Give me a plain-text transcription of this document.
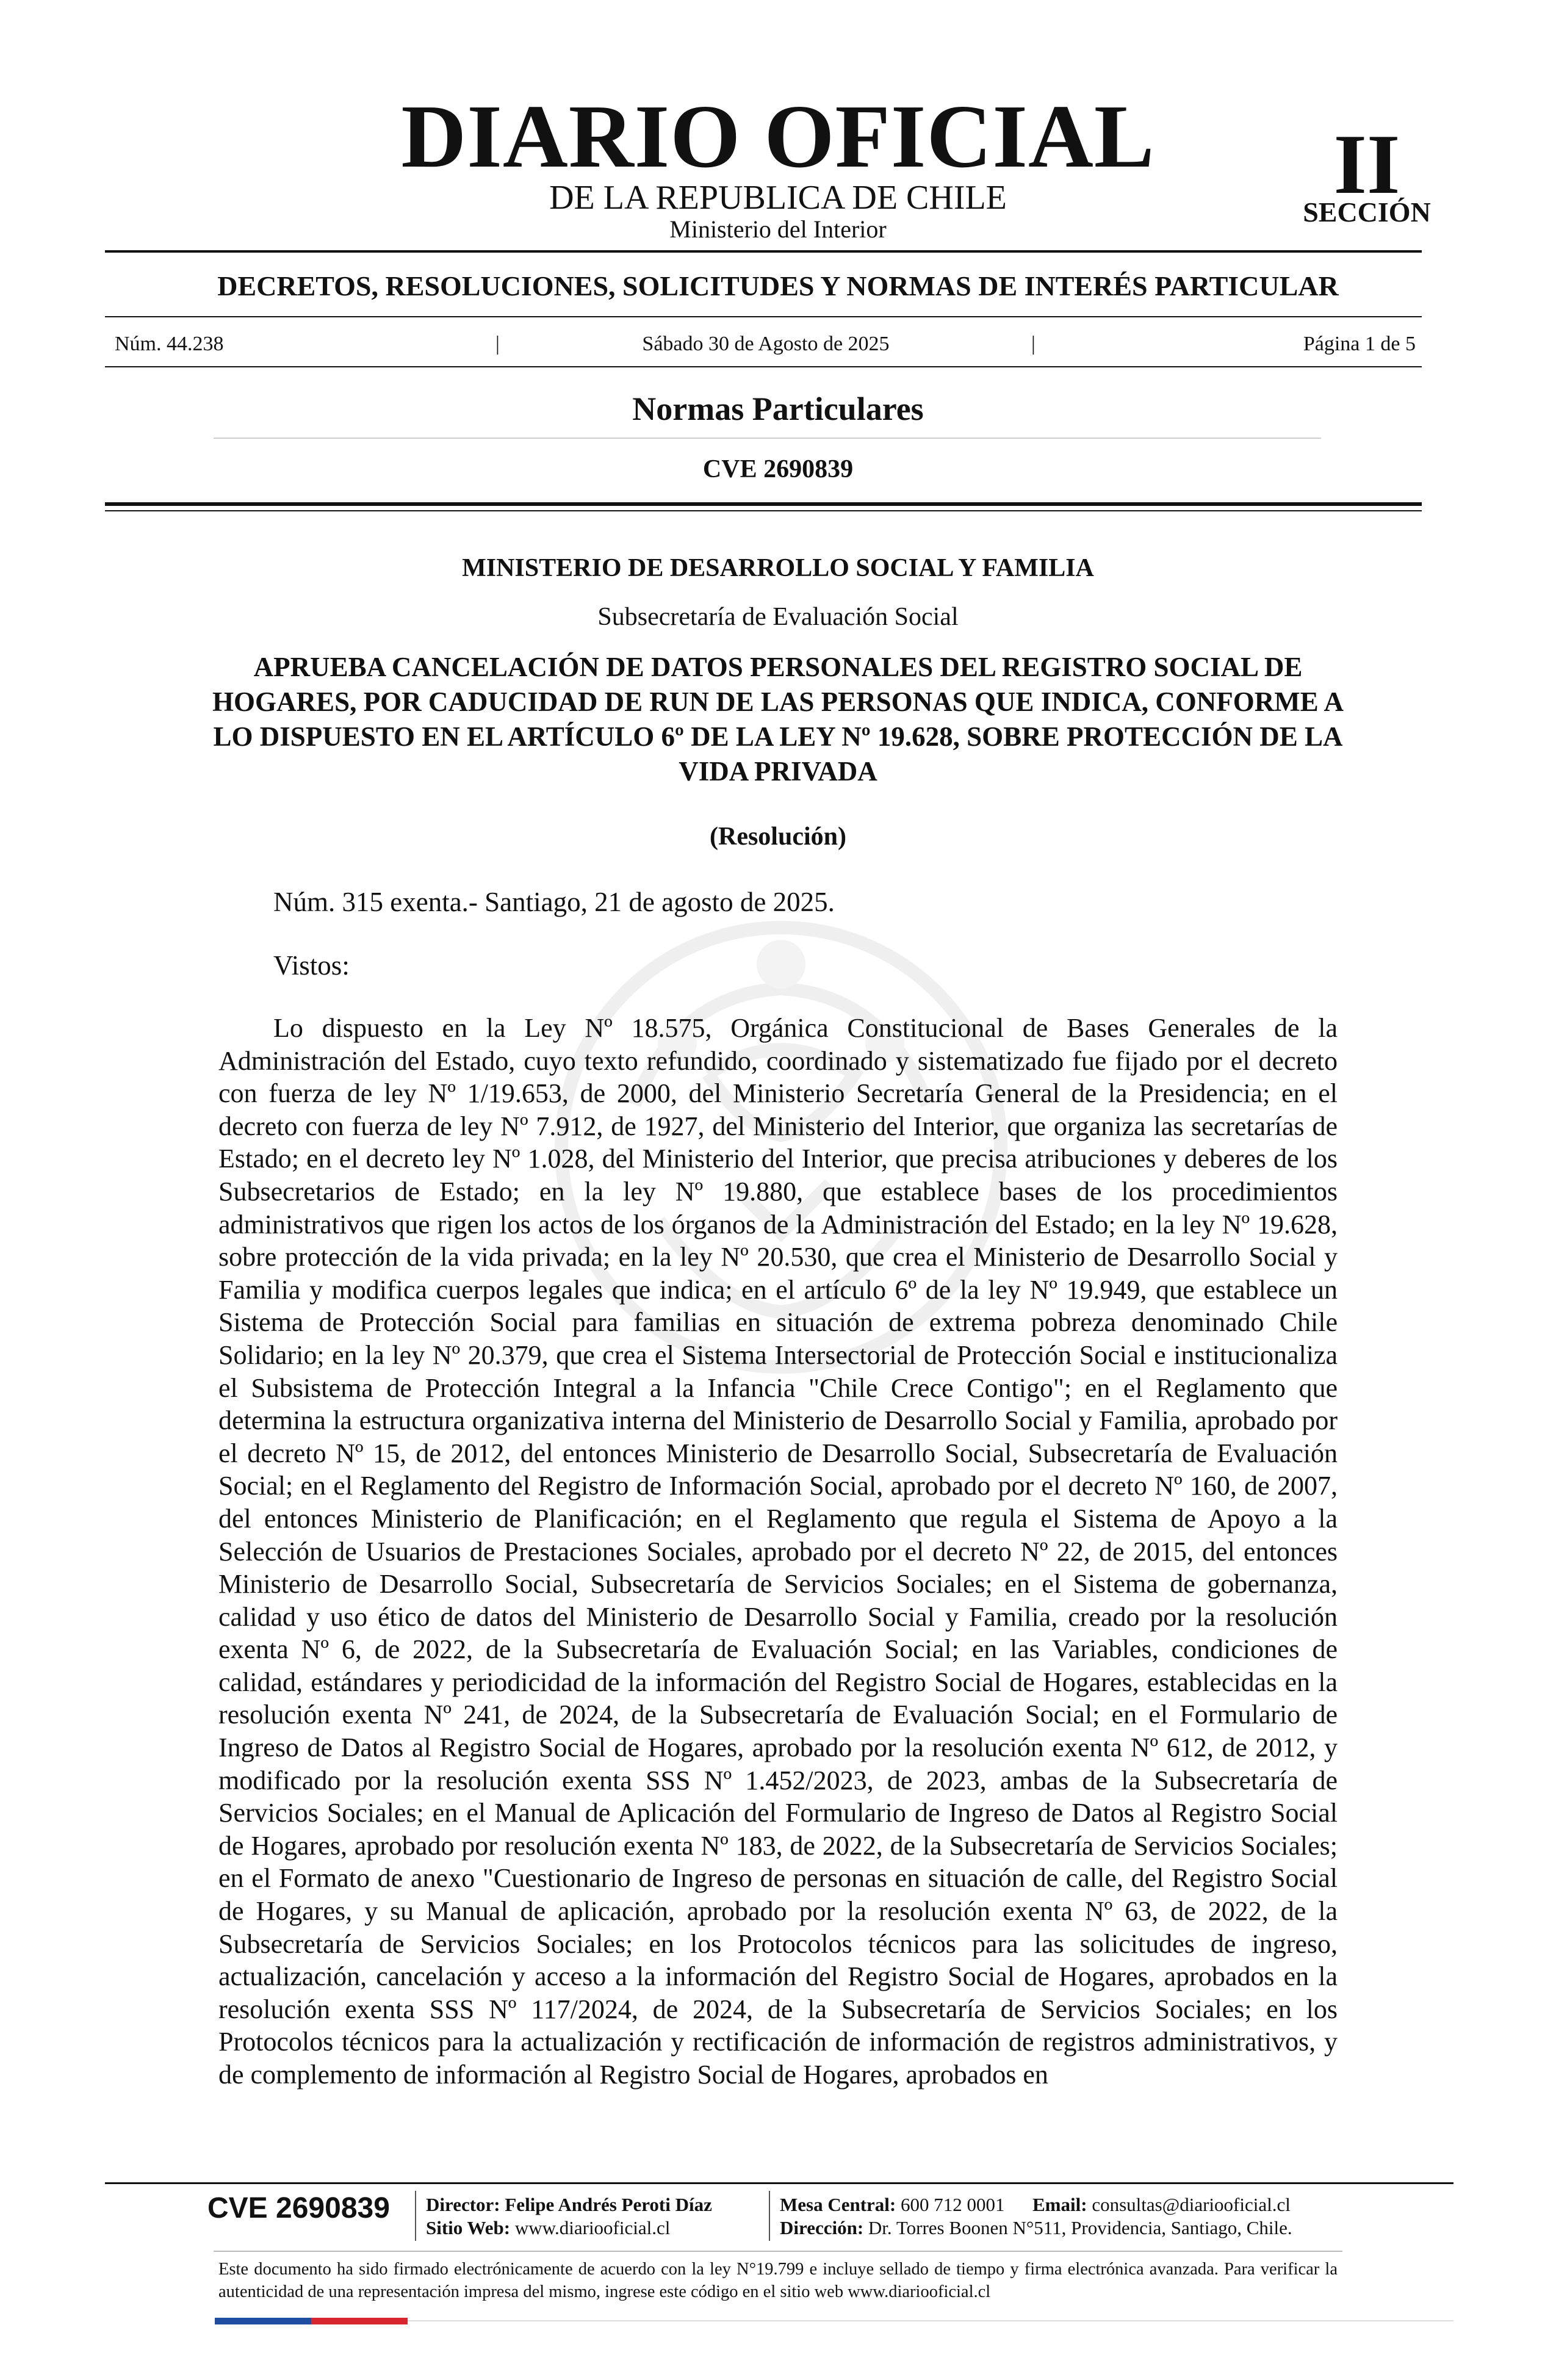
DIARIO OFICIAL
DE LA REPUBLICA DE CHILE
Ministerio del Interior
II
SECCIÓN
DECRETOS, RESOLUCIONES, SOLICITUDES Y NORMAS DE INTERÉS PARTICULAR
Núm. 44.238	|	Sábado 30 de Agosto de 2025	|	Página 1 de 5
Normas Particulares
CVE 2690839
MINISTERIO DE DESARROLLO SOCIAL Y FAMILIA
Subsecretaría de Evaluación Social
APRUEBA CANCELACIÓN DE DATOS PERSONALES DEL REGISTRO SOCIAL DE HOGARES, POR CADUCIDAD DE RUN DE LAS PERSONAS QUE INDICA, CONFORME A LO DISPUESTO EN EL ARTÍCULO 6º DE LA LEY Nº 19.628, SOBRE PROTECCIÓN DE LA VIDA PRIVADA
(Resolución)
Núm. 315 exenta.- Santiago, 21 de agosto de 2025.
Vistos:
Lo dispuesto en la Ley Nº 18.575, Orgánica Constitucional de Bases Generales de la Administración del Estado, cuyo texto refundido, coordinado y sistematizado fue fijado por el decreto con fuerza de ley Nº 1/19.653, de 2000, del Ministerio Secretaría General de la Presidencia; en el decreto con fuerza de ley Nº 7.912, de 1927, del Ministerio del Interior, que organiza las secretarías de Estado; en el decreto ley Nº 1.028, del Ministerio del Interior, que precisa atribuciones y deberes de los Subsecretarios de Estado; en la ley Nº 19.880, que establece bases de los procedimientos administrativos que rigen los actos de los órganos de la Administración del Estado; en la ley Nº 19.628, sobre protección de la vida privada; en la ley Nº 20.530, que crea el Ministerio de Desarrollo Social y Familia y modifica cuerpos legales que indica; en el artículo 6º de la ley Nº 19.949, que establece un Sistema de Protección Social para familias en situación de extrema pobreza denominado Chile Solidario; en la ley Nº 20.379, que crea el Sistema Intersectorial de Protección Social e institucionaliza el Subsistema de Protección Integral a la Infancia "Chile Crece Contigo"; en el Reglamento que determina la estructura organizativa interna del Ministerio de Desarrollo Social y Familia, aprobado por el decreto Nº 15, de 2012, del entonces Ministerio de Desarrollo Social, Subsecretaría de Evaluación Social; en el Reglamento del Registro de Información Social, aprobado por el decreto Nº 160, de 2007, del entonces Ministerio de Planificación; en el Reglamento que regula el Sistema de Apoyo a la Selección de Usuarios de Prestaciones Sociales, aprobado por el decreto Nº 22, de 2015, del entonces Ministerio de Desarrollo Social, Subsecretaría de Servicios Sociales; en el Sistema de gobernanza, calidad y uso ético de datos del Ministerio de Desarrollo Social y Familia, creado por la resolución exenta Nº 6, de 2022, de la Subsecretaría de Evaluación Social; en las Variables, condiciones de calidad, estándares y periodicidad de la información del Registro Social de Hogares, establecidas en la resolución exenta Nº 241, de 2024, de la Subsecretaría de Evaluación Social; en el Formulario de Ingreso de Datos al Registro Social de Hogares, aprobado por la resolución exenta Nº 612, de 2012, y modificado por la resolución exenta SSS Nº 1.452/2023, de 2023, ambas de la Subsecretaría de Servicios Sociales; en el Manual de Aplicación del Formulario de Ingreso de Datos al Registro Social de Hogares, aprobado por resolución exenta Nº 183, de 2022, de la Subsecretaría de Servicios Sociales; en el Formato de anexo "Cuestionario de Ingreso de personas en situación de calle, del Registro Social de Hogares, y su Manual de aplicación, aprobado por la resolución exenta Nº 63, de 2022, de la Subsecretaría de Servicios Sociales; en los Protocolos técnicos para las solicitudes de ingreso, actualización, cancelación y acceso a la información del Registro Social de Hogares, aprobados en la resolución exenta SSS Nº 117/2024, de 2024, de la Subsecretaría de Servicios Sociales; en los Protocolos técnicos para la actualización y rectificación de información de registros administrativos, y de complemento de información al Registro Social de Hogares, aprobados en
CVE 2690839 Director: Felipe Andrés Peroti Díaz
Sitio Web: www.diariooficial.cl
Mesa Central: 600 712 0001 Email: consultas@diariooficial.cl
Dirección: Dr. Torres Boonen N°511, Providencia, Santiago, Chile.
Este documento ha sido firmado electrónicamente de acuerdo con la ley N°19.799 e incluye sellado de tiempo y firma electrónica avanzada. Para verificar la autenticidad de una representación impresa del mismo, ingrese este código en el sitio web www.diariooficial.cl
